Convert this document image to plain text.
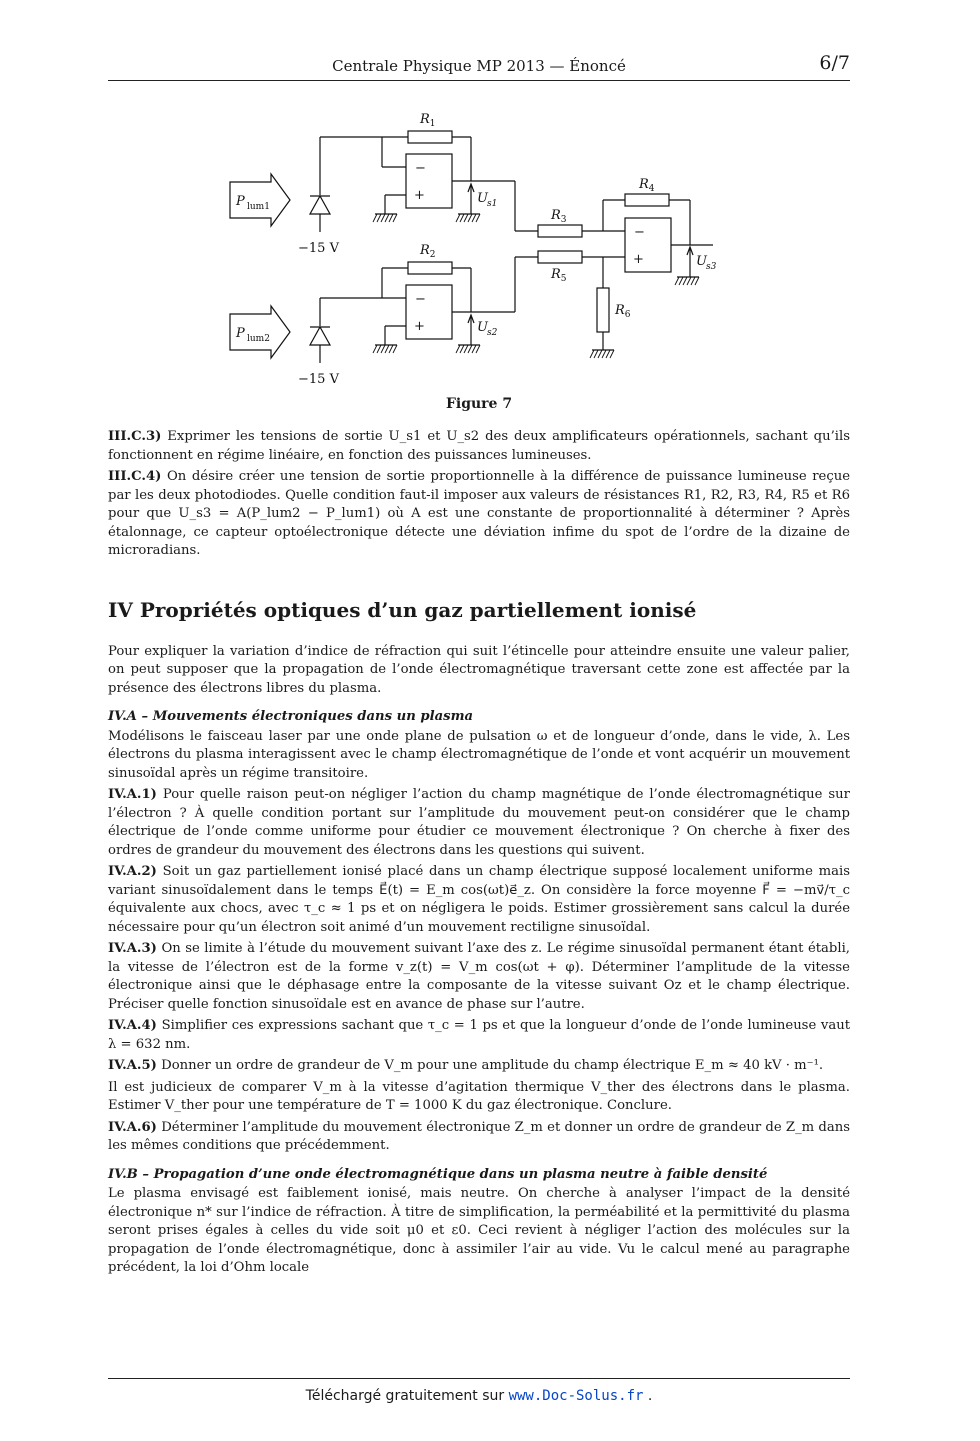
Centrale Physique MP 2013 — Énoncé	6/7
P lum1
−15 V
$R_1$
−
+	U s1
$R_3$
P lum2
−15 V
$R_2$
−
+	U s2
$R_5$
−
+
$R_4$
$R_6$
U s3
Figure 7

III.C.3) Exprimer les tensions de sortie U_s1 et U_s2 des deux amplificateurs opérationnels, sachant qu’ils fonctionnent en régime linéaire, en fonction des puissances lumineuses.

III.C.4) On désire créer une tension de sortie proportionnelle à la différence de puissance lumineuse reçue par les deux photodiodes. Quelle condition faut-il imposer aux valeurs de résistances R1, R2, R3, R4, R5 et R6 pour que U_s3 = A(P_lum2 − P_lum1) où A est une constante de proportionnalité à déterminer ? Après étalonnage, ce capteur optoélectronique détecte une déviation infime du spot de l’ordre de la dizaine de microradians.

IV Propriétés optiques d’un gaz partiellement ionisé

Pour expliquer la variation d’indice de réfraction qui suit l’étincelle pour atteindre ensuite une valeur palier, on peut supposer que la propagation de l’onde électromagnétique traversant cette zone est affectée par la présence des électrons libres du plasma.

IV.A – Mouvements électroniques dans un plasma

Modélisons le faisceau laser par une onde plane de pulsation ω et de longueur d’onde, dans le vide, λ. Les électrons du plasma interagissent avec le champ électromagnétique de l’onde et vont acquérir un mouvement sinusoïdal après un régime transitoire.

IV.A.1) Pour quelle raison peut-on négliger l’action du champ magnétique de l’onde électromagnétique sur l’électron ? À quelle condition portant sur l’amplitude du mouvement peut-on considérer que le champ électrique de l’onde comme uniforme pour étudier ce mouvement électronique ? On cherche à fixer des ordres de grandeur du mouvement des électrons dans les questions qui suivent.

IV.A.2) Soit un gaz partiellement ionisé placé dans un champ électrique supposé localement uniforme mais variant sinusoïdalement dans le temps E⃗(t) = E_m cos(ωt)e⃗_z. On considère la force moyenne F⃗ = −mv⃗/τ_c équivalente aux chocs, avec τ_c ≈ 1 ps et on négligera le poids. Estimer grossièrement sans calcul la durée nécessaire pour qu’un électron soit animé d’un mouvement rectiligne sinusoïdal.

IV.A.3) On se limite à l’étude du mouvement suivant l’axe des z. Le régime sinusoïdal permanent étant établi, la vitesse de l’électron est de la forme v_z(t) = V_m cos(ωt + φ). Déterminer l’amplitude de la vitesse électronique ainsi que le déphasage entre la composante de la vitesse suivant Oz et le champ électrique. Préciser quelle fonction sinusoïdale est en avance de phase sur l’autre.

IV.A.4) Simplifier ces expressions sachant que τ_c = 1 ps et que la longueur d’onde de l’onde lumineuse vaut λ = 632 nm.

IV.A.5) Donner un ordre de grandeur de V_m pour une amplitude du champ électrique E_m ≈ 40 kV · m⁻¹.

Il est judicieux de comparer V_m à la vitesse d’agitation thermique V_ther des électrons dans le plasma. Estimer V_ther pour une température de T = 1000 K du gaz électronique. Conclure.

IV.A.6) Déterminer l’amplitude du mouvement électronique Z_m et donner un ordre de grandeur de Z_m dans les mêmes conditions que précédemment.

IV.B – Propagation d’une onde électromagnétique dans un plasma neutre à faible densité

Le plasma envisagé est faiblement ionisé, mais neutre. On cherche à analyser l’impact de la densité électronique n* sur l’indice de réfraction. À titre de simplification, la perméabilité et la permittivité du plasma seront prises égales à celles du vide soit μ0 et ε0. Ceci revient à négliger l’action des molécules sur la propagation de l’onde électromagnétique, donc à assimiler l’air au vide. Vu le calcul mené au paragraphe précédent, la loi d’Ohm locale

Téléchargé gratuitement sur www.Doc-Solus.fr .
